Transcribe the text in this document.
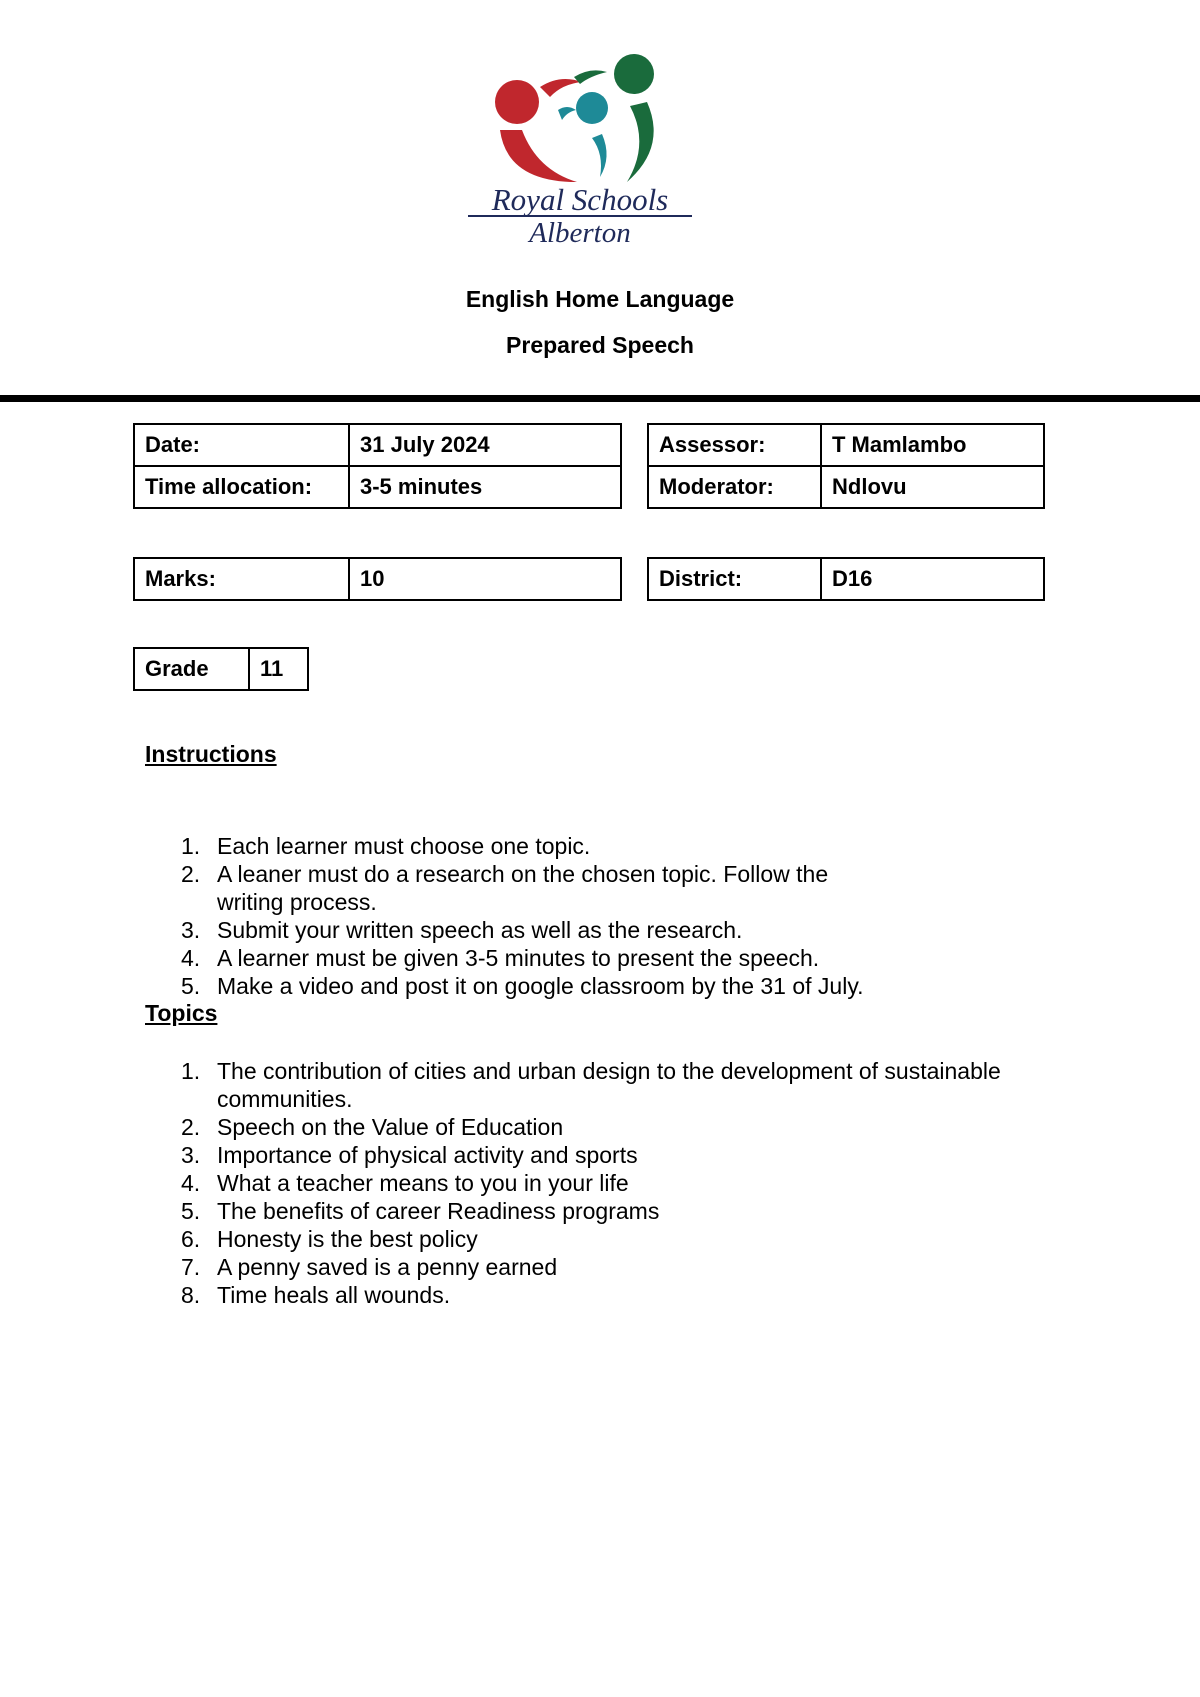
Royal Schools
Alberton

English Home Language

Prepared Speech

Date:	31 July 2024
Time allocation:	3-5 minutes
Assessor:	T Mamlambo
Moderator:	Ndlovu
Marks:	10	District:	D16
Grade	11

Instructions

1. Each learner must choose one topic.
2. A leaner must do a research on the chosen topic. Follow the writing process.
3. Submit your written speech as well as the research.
4. A learner must be given 3-5 minutes to present the speech.
5. Make a video and post it on google classroom by the 31 of July.

Topics

1. The contribution of cities and urban design to the development of sustainable communities.
2. Speech on the Value of Education
3. Importance of physical activity and sports
4. What a teacher means to you in your life
5. The benefits of career Readiness programs
6. Honesty is the best policy
7. A penny saved is a penny earned
8. Time heals all wounds.
